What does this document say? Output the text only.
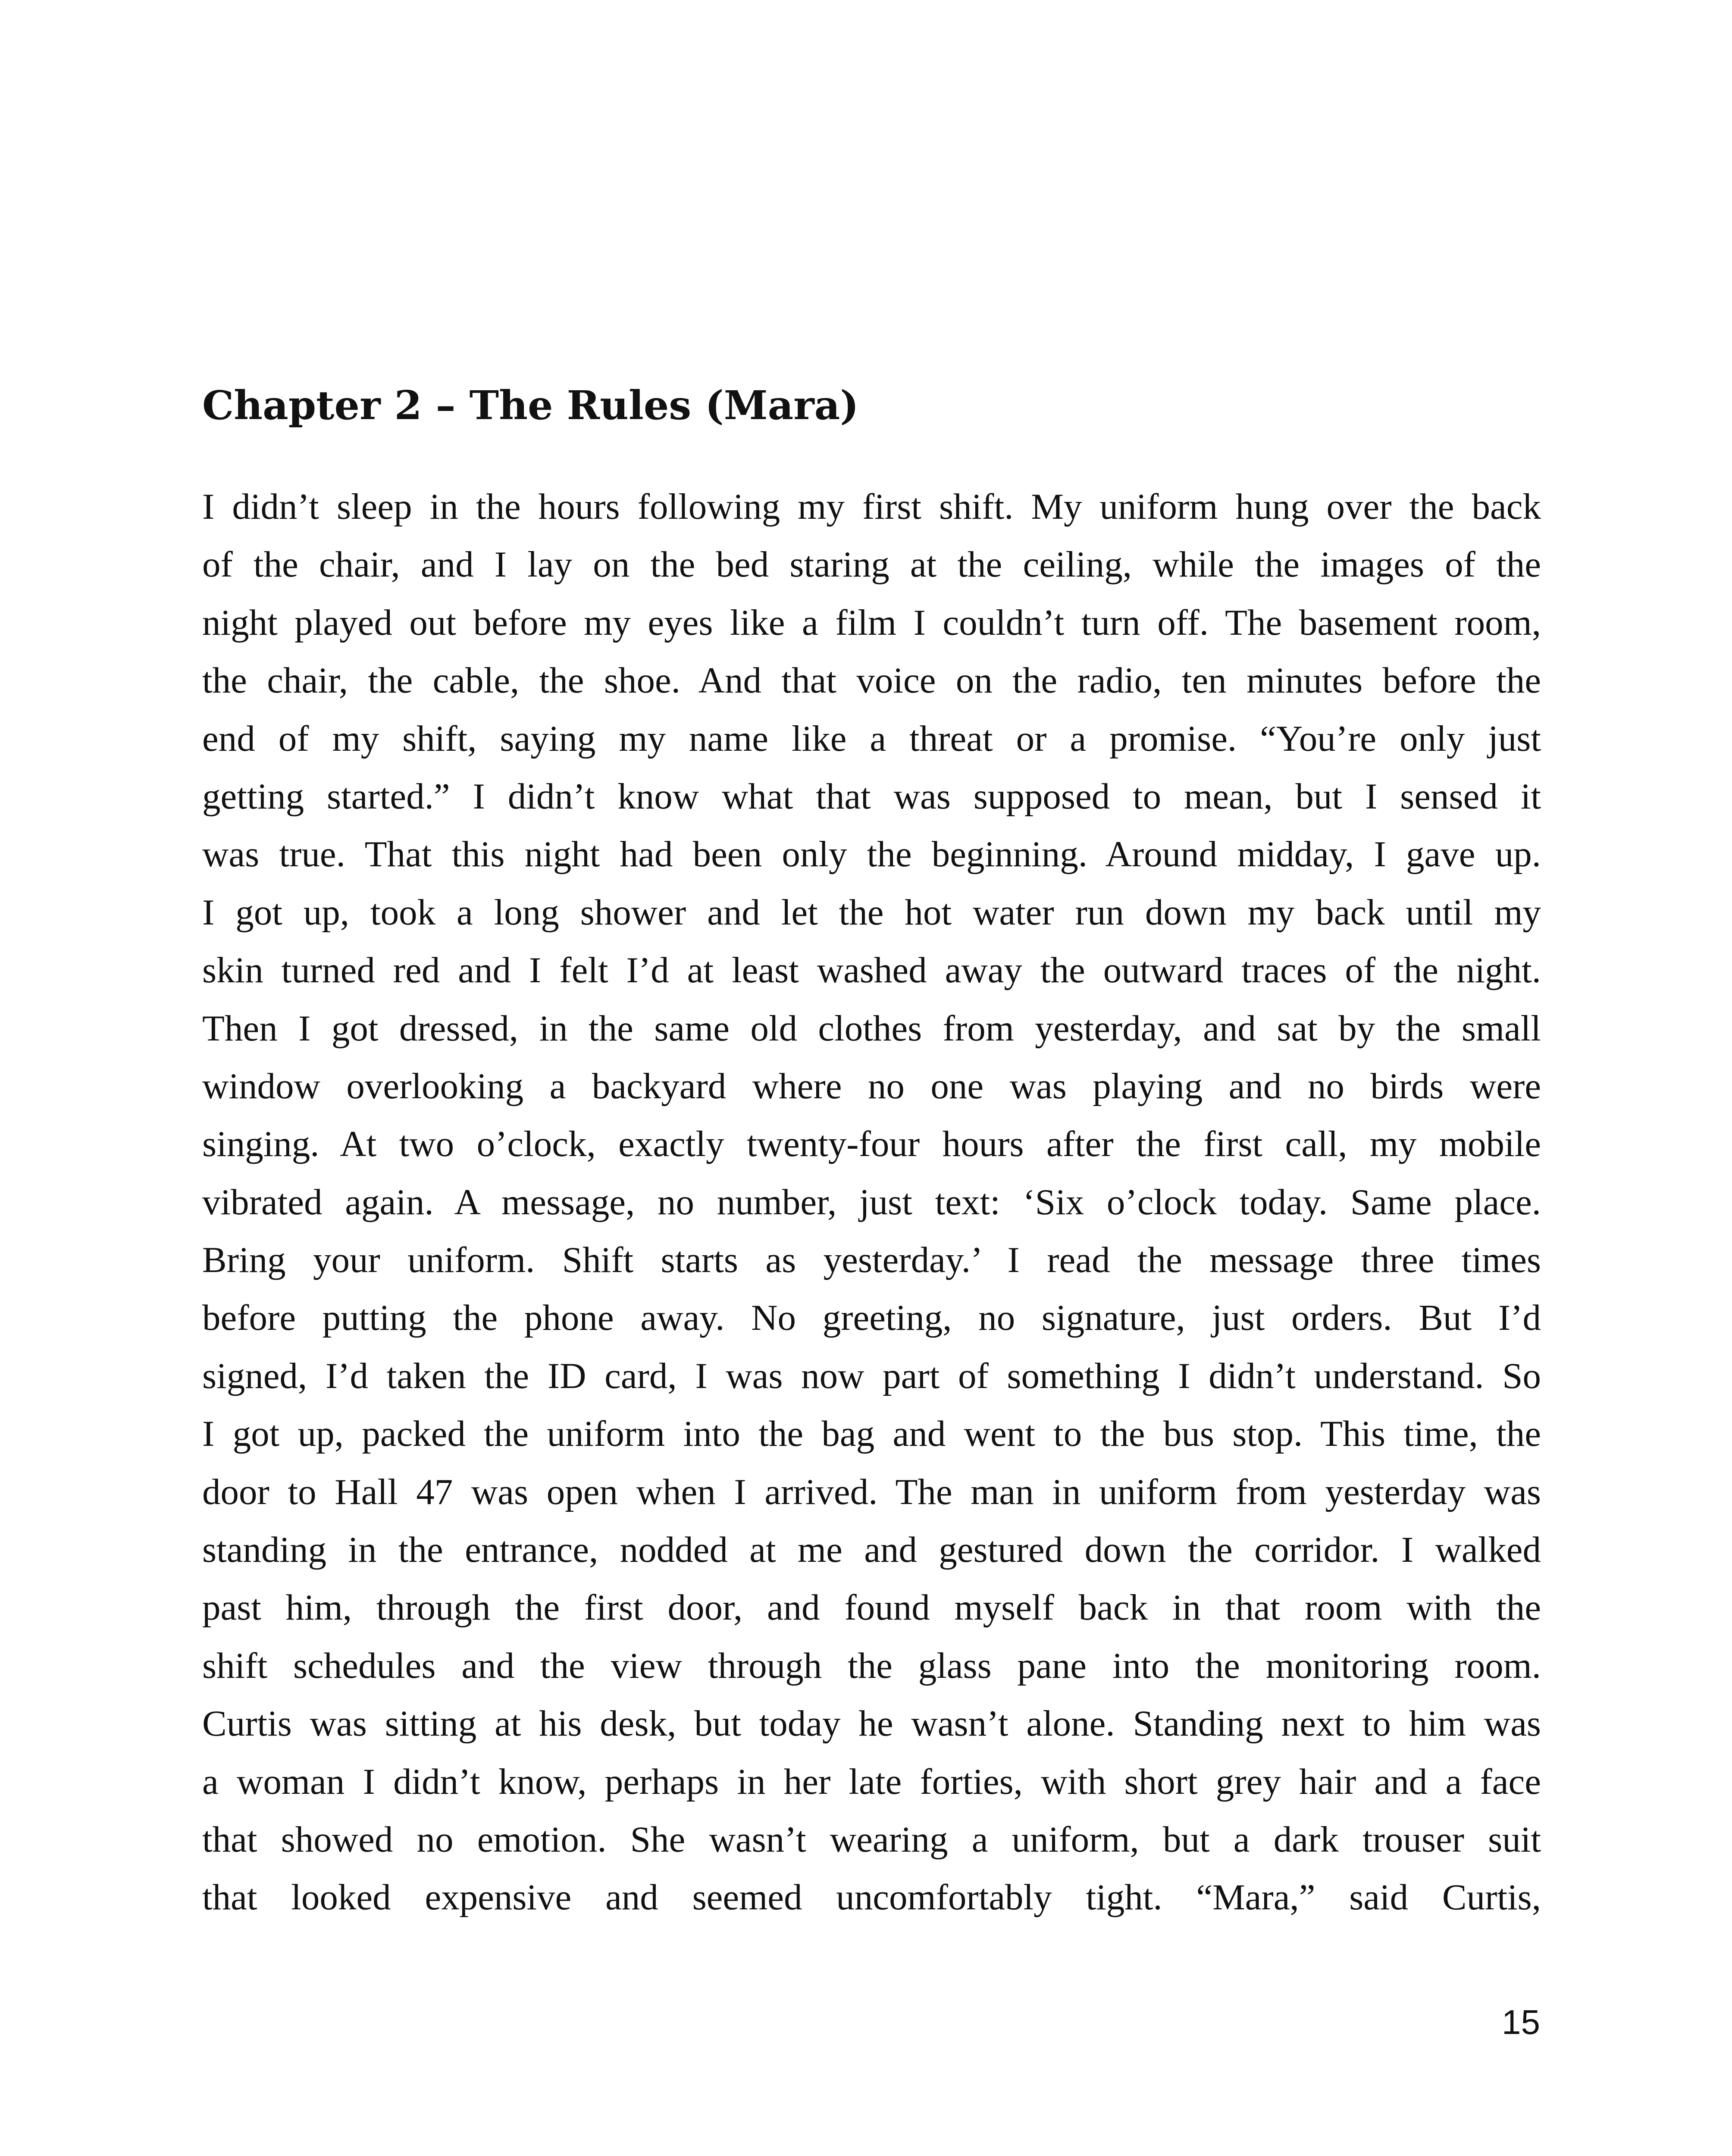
Chapter 2 – The Rules (Mara)
I didn’t sleep in the hours following my first shift. My uniform hung over the back
of the chair, and I lay on the bed staring at the ceiling, while the images of the
night played out before my eyes like a film I couldn’t turn off. The basement room,
the chair, the cable, the shoe. And that voice on the radio, ten minutes before the
end of my shift, saying my name like a threat or a promise. “You’re only just
getting started.” I didn’t know what that was supposed to mean, but I sensed it
was true. That this night had been only the beginning. Around midday, I gave up.
I got up, took a long shower and let the hot water run down my back until my
skin turned red and I felt I’d at least washed away the outward traces of the night.
Then I got dressed, in the same old clothes from yesterday, and sat by the small
window overlooking a backyard where no one was playing and no birds were
singing. At two o’clock, exactly twenty-four hours after the first call, my mobile
vibrated again. A message, no number, just text: ‘Six o’clock today. Same place.
Bring your uniform. Shift starts as yesterday.’ I read the message three times
before putting the phone away. No greeting, no signature, just orders. But I’d
signed, I’d taken the ID card, I was now part of something I didn’t understand. So
I got up, packed the uniform into the bag and went to the bus stop. This time, the
door to Hall 47 was open when I arrived. The man in uniform from yesterday was
standing in the entrance, nodded at me and gestured down the corridor. I walked
past him, through the first door, and found myself back in that room with the
shift schedules and the view through the glass pane into the monitoring room.
Curtis was sitting at his desk, but today he wasn’t alone. Standing next to him was
a woman I didn’t know, perhaps in her late forties, with short grey hair and a face
that showed no emotion. She wasn’t wearing a uniform, but a dark trouser suit
that looked expensive and seemed uncomfortably tight. “Mara,” said Curtis,
15
